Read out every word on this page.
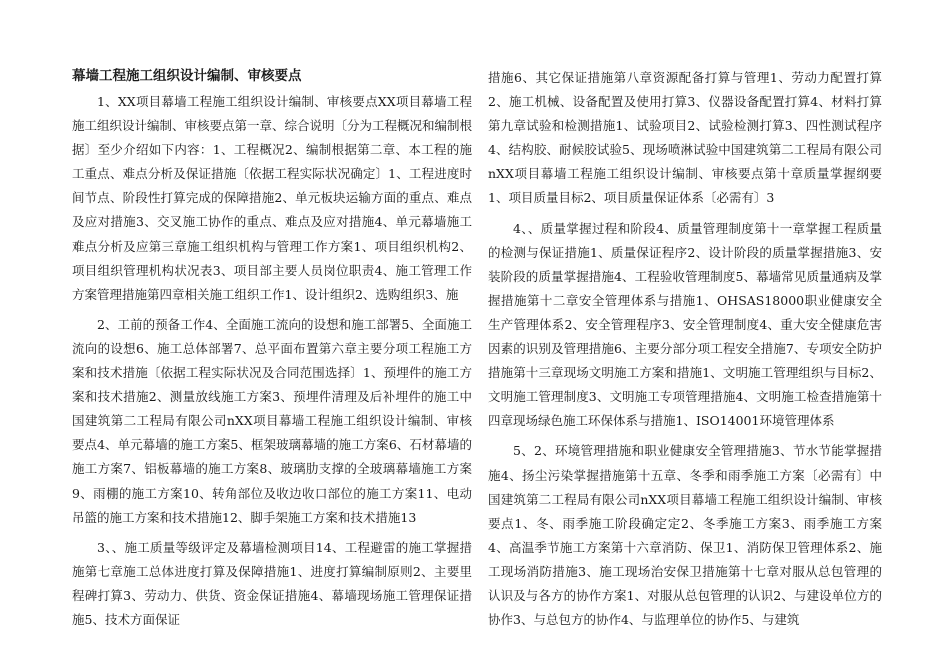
幕墙工程施工组织设计编制、审核要点

1、XX项目幕墙工程施工组织设计编制、审核要点XX项目幕墙工程施工组织设计编制、审核要点第一章、综合说明〔分为工程概况和编制根据〕至少介绍如下内容：1、工程概况2、编制根据第二章、本工程的施工重点、难点分析及保证措施〔依据工程实际状况确定〕1、工程进度时间节点、阶段性打算完成的保障措施2、单元板块运输方面的重点、难点及应对措施3、交叉施工协作的重点、难点及应对措施4、单元幕墙施工难点分析及应第三章施工组织机构与管理工作方案1、项目组织机构2、项目组织管理机构状况表3、项目部主要人员岗位职责4、施工管理工作方案管理措施第四章相关施工组织工作1、设计组织2、选购组织3、施

2、工前的预备工作4、全面施工流向的设想和施工部署5、全面施工流向的设想6、施工总体部署7、总平面布置第六章主要分项工程施工方案和技术措施〔依据工程实际状况及合同范围选择〕1、预埋件的施工方案和技术措施2、测量放线施工方案3、预埋件清理及后补埋件的施工中国建筑第二工程局有限公司nXX项目幕墙工程施工组织设计编制、审核要点4、单元幕墙的施工方案5、框架玻璃幕墙的施工方案6、石材幕墙的施工方案7、铝板幕墙的施工方案8、玻璃肋支撑的全玻璃幕墙施工方案9、雨棚的施工方案10、转角部位及收边收口部位的施工方案11、电动吊篮的施工方案和技术措施12、脚手架施工方案和技术措施13

3、、施工质量等级评定及幕墙检测项目14、工程避雷的施工掌握措施第七章施工总体进度打算及保障措施1、进度打算编制原则2、主要里程碑打算3、劳动力、供货、资金保证措施4、幕墙现场施工管理保证措施5、技术方面保证

措施6、其它保证措施第八章资源配备打算与管理1、劳动力配置打算2、施工机械、设备配置及使用打算3、仪器设备配置打算4、材料打算第九章试验和检测措施1、试验项目2、试验检测打算3、四性测试程序4、结构胶、耐候胶试验5、现场喷淋试验中国建筑第二工程局有限公司nXX项目幕墙工程施工组织设计编制、审核要点第十章质量掌握纲要1、项目质量目标2、项目质量保证体系〔必需有〕3

4、、质量掌握过程和阶段4、质量管理制度第十一章掌握工程质量的检测与保证措施1、质量保证程序2、设计阶段的质量掌握措施3、安装阶段的质量掌握措施4、工程验收管理制度5、幕墙常见质量通病及掌握措施第十二章安全管理体系与措施1、OHSAS18000职业健康安全生产管理体系2、安全管理程序3、安全管理制度4、重大安全健康危害因素的识别及管理措施6、主要分部分项工程安全措施7、专项安全防护措施第十三章现场文明施工方案和措施1、文明施工管理组织与目标2、文明施工管理制度3、文明施工专项管理措施4、文明施工检查措施第十四章现场绿色施工环保体系与措施1、ISO14001环境管理体系

5、2、环境管理措施和职业健康安全管理措施3、节水节能掌握措施4、扬尘污染掌握措施第十五章、冬季和雨季施工方案〔必需有〕中国建筑第二工程局有限公司nXX项目幕墙工程施工组织设计编制、审核要点1、冬、雨季施工阶段确定定2、冬季施工方案3、雨季施工方案4、高温季节施工方案第十六章消防、保卫1、消防保卫管理体系2、施工现场消防措施3、施工现场治安保卫措施第十七章对服从总包管理的认识及与各方的协作方案1、对服从总包管理的认识2、与建设单位方的协作3、与总包方的协作4、与监理单位的协作5、与建筑
